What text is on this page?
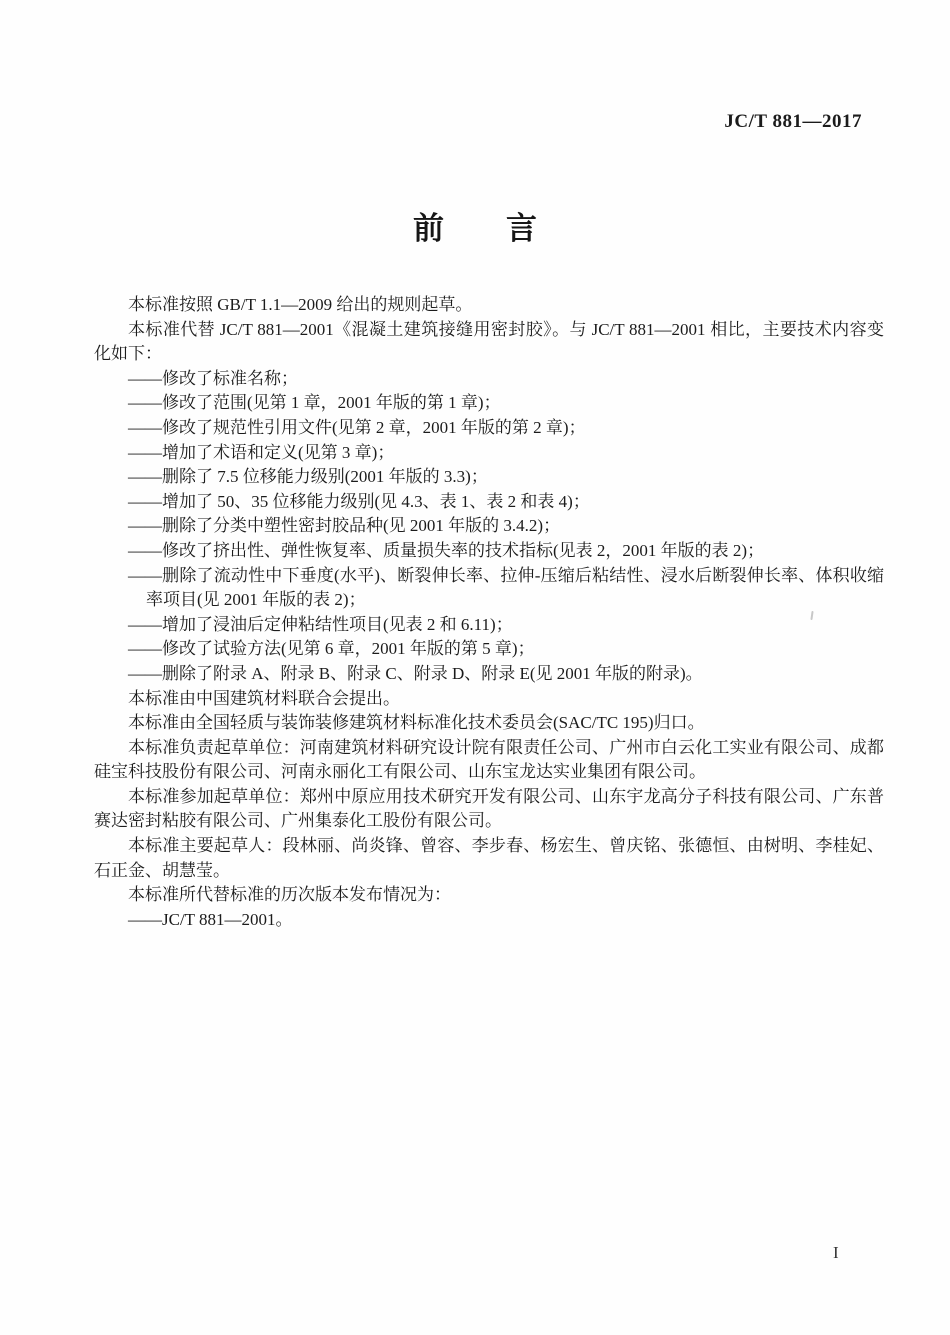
JC/T 881—2017
前　　言

本标准按照 GB/T 1.1—2009 给出的规则起草。

本标准代替 JC/T 881—2001《混凝土建筑接缝用密封胶》。与 JC/T 881—2001 相比，主要技术内容变化如下：

——修改了标准名称；

——修改了范围(见第 1 章，2001 年版的第 1 章)；

——修改了规范性引用文件(见第 2 章，2001 年版的第 2 章)；

——增加了术语和定义(见第 3 章)；

——删除了 7.5 位移能力级别(2001 年版的 3.3)；

——增加了 50、35 位移能力级别(见 4.3、表 1、表 2 和表 4)；

——删除了分类中塑性密封胶品种(见 2001 年版的 3.4.2)；

——修改了挤出性、弹性恢复率、质量损失率的技术指标(见表 2，2001 年版的表 2)；

——删除了流动性中下垂度(水平)、断裂伸长率、拉伸-压缩后粘结性、浸水后断裂伸长率、体积收缩率项目(见 2001 年版的表 2)；

——增加了浸油后定伸粘结性项目(见表 2 和 6.11)；

——修改了试验方法(见第 6 章，2001 年版的第 5 章)；

——删除了附录 A、附录 B、附录 C、附录 D、附录 E(见 2001 年版的附录)。

本标准由中国建筑材料联合会提出。

本标准由全国轻质与装饰装修建筑材料标准化技术委员会(SAC/TC 195)归口。

本标准负责起草单位：河南建筑材料研究设计院有限责任公司、广州市白云化工实业有限公司、成都硅宝科技股份有限公司、河南永丽化工有限公司、山东宝龙达实业集团有限公司。

本标准参加起草单位：郑州中原应用技术研究开发有限公司、山东宇龙高分子科技有限公司、广东普赛达密封粘胶有限公司、广州集泰化工股份有限公司。

本标准主要起草人：段林丽、尚炎锋、曾容、李步春、杨宏生、曾庆铭、张德恒、由树明、李桂妃、石正金、胡慧莹。

本标准所代替标准的历次版本发布情况为：

——JC/T 881—2001。

I
